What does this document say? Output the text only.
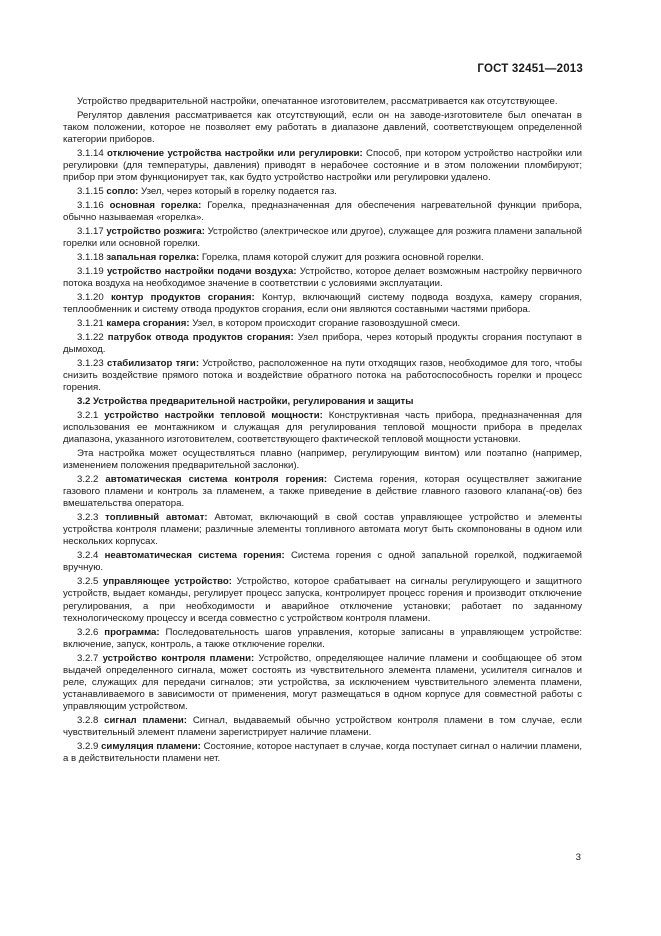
ГОСТ 32451—2013

Устройство предварительной настройки, опечатанное изготовителем, рассматривается как отсутствующее.

Регулятор давления рассматривается как отсутствующий, если он на заводе-изготовителе был опечатан в таком положении, которое не позволяет ему работать в диапазоне давлений, соответствующем определенной категории приборов.

3.1.14 отключение устройства настройки или регулировки: Способ, при котором устройство настройки или регулировки (для температуры, давления) приводят в нерабочее состояние и в этом положении пломбируют; прибор при этом функционирует так, как будто устройство настройки или регулировки удалено.

3.1.15 сопло: Узел, через который в горелку подается газ.

3.1.16 основная горелка: Горелка, предназначенная для обеспечения нагревательной функции прибора, обычно называемая «горелка».

3.1.17 устройство розжига: Устройство (электрическое или другое), служащее для розжига пламени запальной горелки или основной горелки.

3.1.18 запальная горелка: Горелка, пламя которой служит для розжига основной горелки.

3.1.19 устройство настройки подачи воздуха: Устройство, которое делает возможным настройку первичного потока воздуха на необходимое значение в соответствии с условиями эксплуатации.

3.1.20 контур продуктов сгорания: Контур, включающий систему подвода воздуха, камеру сгорания, теплообменник и систему отвода продуктов сгорания, если они являются составными частями прибора.

3.1.21 камера сгорания: Узел, в котором происходит сгорание газовоздушной смеси.

3.1.22 патрубок отвода продуктов сгорания: Узел прибора, через который продукты сгорания поступают в дымоход.

3.1.23 стабилизатор тяги: Устройство, расположенное на пути отходящих газов, необходимое для того, чтобы снизить воздействие прямого потока и воздействие обратного потока на работоспособность горелки и процесс горения.

3.2 Устройства предварительной настройки, регулирования и защиты

3.2.1 устройство настройки тепловой мощности: Конструктивная часть прибора, предназначенная для использования ее монтажником и служащая для регулирования тепловой мощности прибора в пределах диапазона, указанного изготовителем, соответствующего фактической тепловой мощности установки.

Эта настройка может осуществляться плавно (например, регулирующим винтом) или поэтапно (например, изменением положения предварительной заслонки).

3.2.2 автоматическая система контроля горения: Система горения, которая осуществляет зажигание газового пламени и контроль за пламенем, а также приведение в действие главного газового клапана(-ов) без вмешательства оператора.

3.2.3 топливный автомат: Автомат, включающий в свой состав управляющее устройство и элементы устройства контроля пламени; различные элементы топливного автомата могут быть скомпонованы в одном или нескольких корпусах.

3.2.4 неавтоматическая система горения: Система горения с одной запальной горелкой, поджигаемой вручную.

3.2.5 управляющее устройство: Устройство, которое срабатывает на сигналы регулирующего и защитного устройств, выдает команды, регулирует процесс запуска, контролирует процесс горения и производит отключение регулирования, а при необходимости и аварийное отключение установки; работает по заданному технологическому процессу и всегда совместно с устройством контроля пламени.

3.2.6 программа: Последовательность шагов управления, которые записаны в управляющем устройстве: включение, запуск, контроль, а также отключение горелки.

3.2.7 устройство контроля пламени: Устройство, определяющее наличие пламени и сообщающее об этом выдачей определенного сигнала, может состоять из чувствительного элемента пламени, усилителя сигналов и реле, служащих для передачи сигналов; эти устройства, за исключением чувствительного элемента пламени, устанавливаемого в зависимости от применения, могут размещаться в одном корпусе для совместной работы с управляющим устройством.

3.2.8 сигнал пламени: Сигнал, выдаваемый обычно устройством контроля пламени в том случае, если чувствительный элемент пламени зарегистрирует наличие пламени.

3.2.9 симуляция пламени: Состояние, которое наступает в случае, когда поступает сигнал о наличии пламени, а в действительности пламени нет.

3
